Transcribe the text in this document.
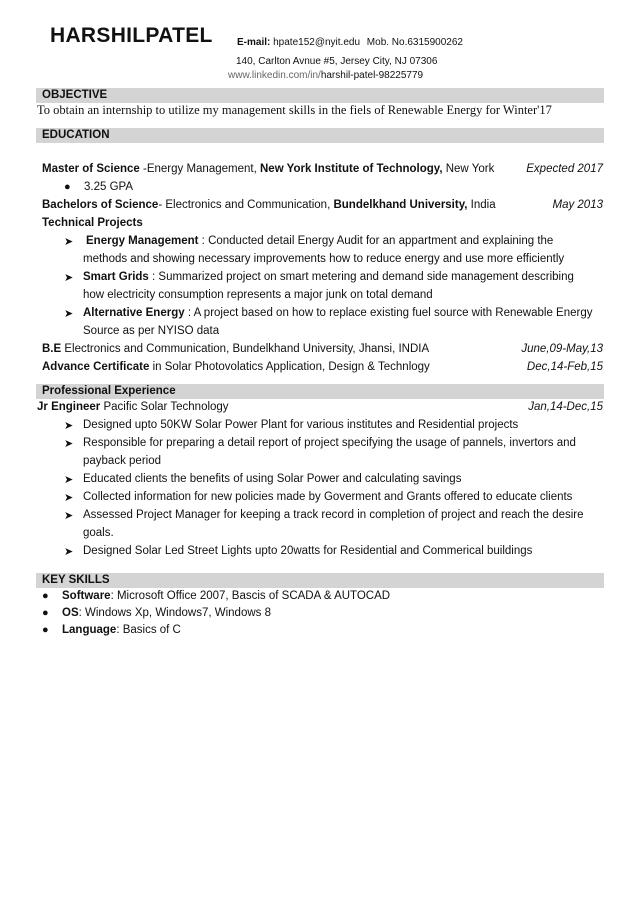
HARSHILPATEL E-mail: hpate152@nyit.edu Mob. No.6315900262
140, Carlton Avnue #5, Jersey City, NJ 07306
www.linkedin.com/in/harshil-patel-98225779
OBJECTIVE
To obtain an internship to utilize my management skills in the fiels of Renewable Energy for Winter'17
EDUCATION
Master of Science -Energy Management, New York Institute of Technology, New York	Expected 2017
● 3.25 GPA
Bachelors of Science- Electronics and Communication, Bundelkhand University, India	May 2013
Technical Projects
➤ Energy Management : Conducted detail Energy Audit for an appartment and explaining the
methods and showing necessary improvements how to reduce energy and use more efficiently
➤ Smart Grids : Summarized project on smart metering and demand side management describing
how electricity consumption represents a major junk on total demand
➤ Alternative Energy : A project based on how to replace existing fuel source with Renewable Energy
Source as per NYISO data
B.E Electronics and Communication, Bundelkhand University, Jhansi, INDIA	June,09-May,13
Advance Certificate in Solar Photovolatics Application, Design & Technlogy	Dec,14-Feb,15
Professional Experience
Jr Engineer Pacific Solar Technology	Jan,14-Dec,15
➤ Designed upto 50KW Solar Power Plant for various institutes and Residential projects
➤ Responsible for preparing a detail report of project specifying the usage of pannels, invertors and
payback period
➤ Educated clients the benefits of using Solar Power and calculating savings
➤ Collected information for new policies made by Goverment and Grants offered to educate clients
➤ Assessed Project Manager for keeping a track record in completion of project and reach the desire
goals.
➤ Designed Solar Led Street Lights upto 20watts for Residential and Commerical buildings
KEY SKILLS
● Software: Microsoft Office 2007, Bascis of SCADA & AUTOCAD
● OS: Windows Xp, Windows7, Windows 8
● Language: Basics of C
